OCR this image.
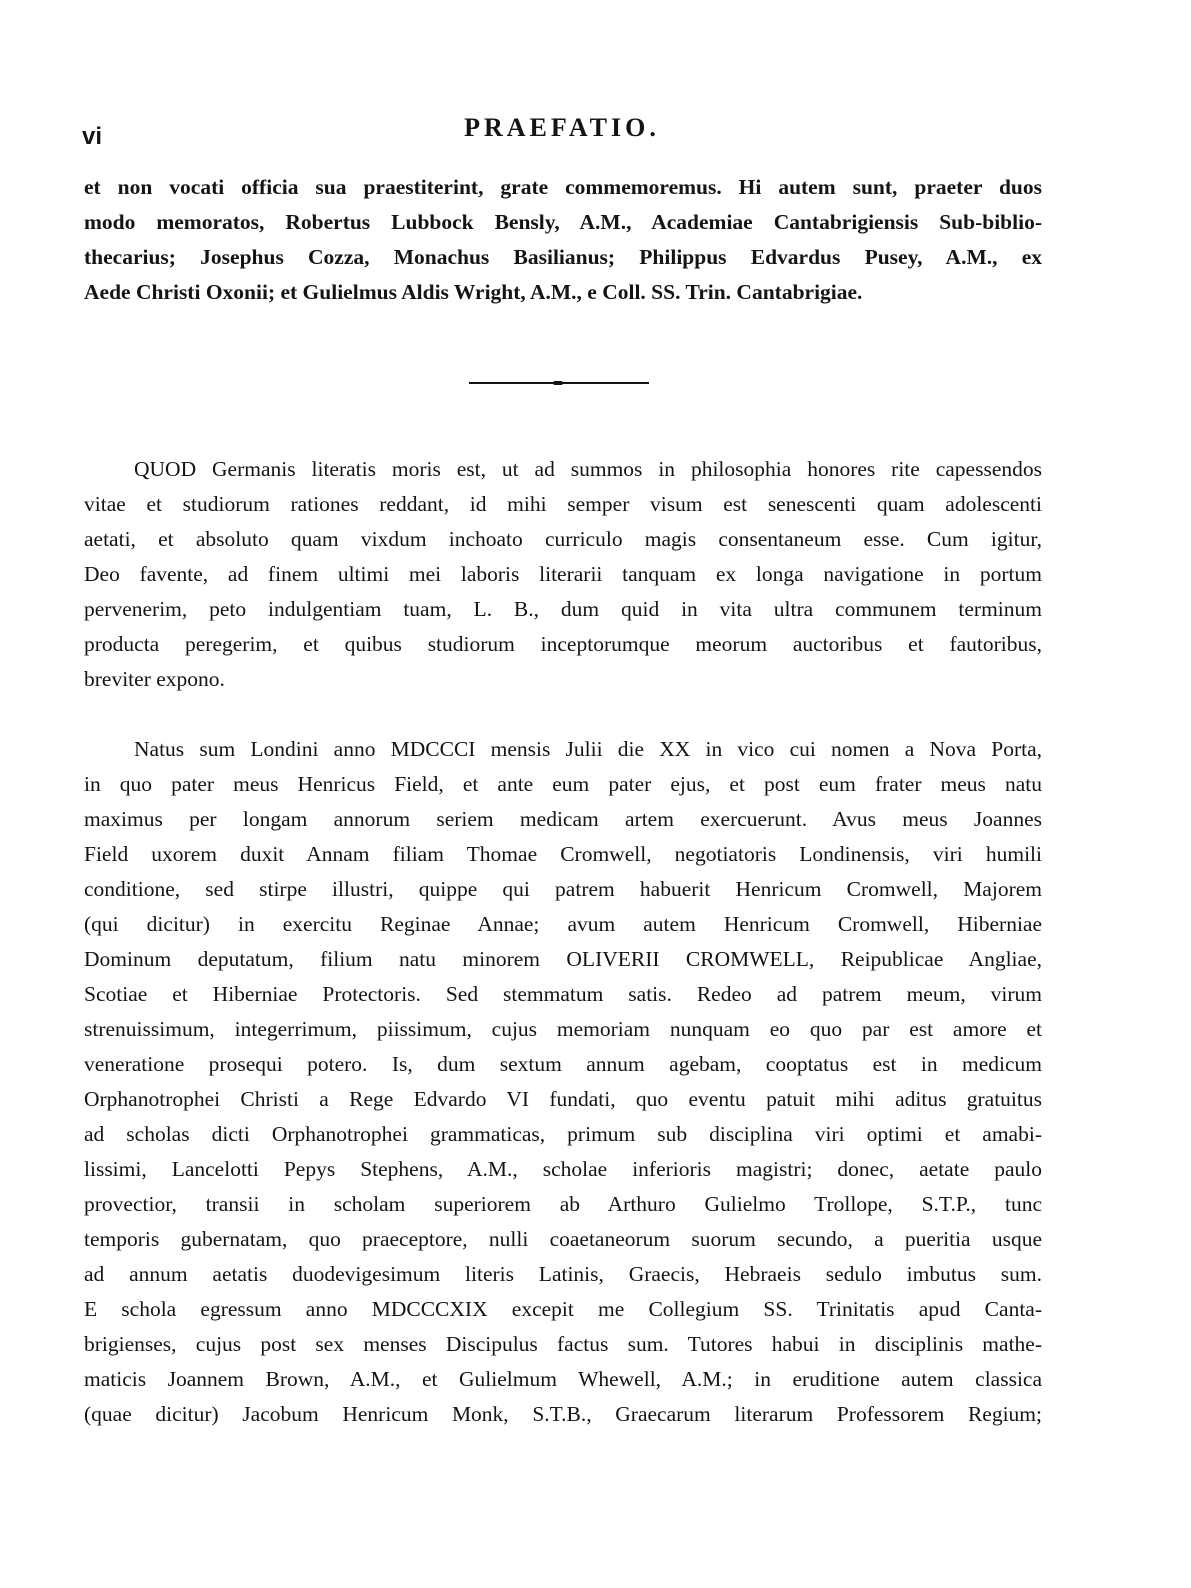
vi	PRAEFATIO.
et non vocati officia sua praestiterint, grate commemoremus. Hi autem sunt, praeter duos
modo memoratos, Robertus Lubbock Bensly, A.M., Academiae Cantabrigiensis Sub-biblio-
thecarius; Josephus Cozza, Monachus Basilianus; Philippus Edvardus Pusey, A.M., ex
Aede Christi Oxonii; et Gulielmus Aldis Wright, A.M., e Coll. SS. Trin. Cantabrigiae.
QUOD Germanis literatis moris est, ut ad summos in philosophia honores rite capessendos
vitae et studiorum rationes reddant, id mihi semper visum est senescenti quam adolescenti
aetati, et absoluto quam vixdum inchoato curriculo magis consentaneum esse. Cum igitur,
Deo favente, ad finem ultimi mei laboris literarii tanquam ex longa navigatione in portum
pervenerim, peto indulgentiam tuam, L. B., dum quid in vita ultra communem terminum
producta peregerim, et quibus studiorum inceptorumque meorum auctoribus et fautoribus,
breviter expono.
Natus sum Londini anno MDCCCI mensis Julii die XX in vico cui nomen a Nova Porta,
in quo pater meus Henricus Field, et ante eum pater ejus, et post eum frater meus natu
maximus per longam annorum seriem medicam artem exercuerunt. Avus meus Joannes
Field uxorem duxit Annam filiam Thomae Cromwell, negotiatoris Londinensis, viri humili
conditione, sed stirpe illustri, quippe qui patrem habuerit Henricum Cromwell, Majorem
(qui dicitur) in exercitu Reginae Annae; avum autem Henricum Cromwell, Hiberniae
Dominum deputatum, filium natu minorem OLIVERII CROMWELL, Reipublicae Angliae,
Scotiae et Hiberniae Protectoris. Sed stemmatum satis. Redeo ad patrem meum, virum
strenuissimum, integerrimum, piissimum, cujus memoriam nunquam eo quo par est amore et
veneratione prosequi potero. Is, dum sextum annum agebam, cooptatus est in medicum
Orphanotrophei Christi a Rege Edvardo VI fundati, quo eventu patuit mihi aditus gratuitus
ad scholas dicti Orphanotrophei grammaticas, primum sub disciplina viri optimi et amabi-
lissimi, Lancelotti Pepys Stephens, A.M., scholae inferioris magistri; donec, aetate paulo
provectior, transii in scholam superiorem ab Arthuro Gulielmo Trollope, S.T.P., tunc
temporis gubernatam, quo praeceptore, nulli coaetaneorum suorum secundo, a pueritia usque
ad annum aetatis duodevigesimum literis Latinis, Graecis, Hebraeis sedulo imbutus sum.
E schola egressum anno MDCCCXIX excepit me Collegium SS. Trinitatis apud Canta-
brigienses, cujus post sex menses Discipulus factus sum. Tutores habui in disciplinis mathe-
maticis Joannem Brown, A.M., et Gulielmum Whewell, A.M.; in eruditione autem classica
(quae dicitur) Jacobum Henricum Monk, S.T.B., Graecarum literarum Professorem Regium;
